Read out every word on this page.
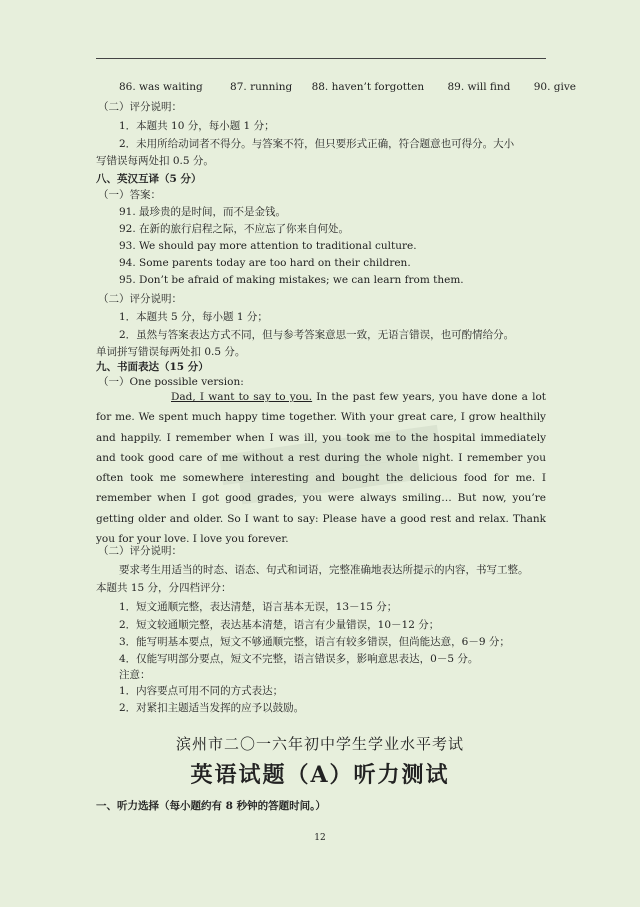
86. was waiting	87. running 88. haven’t forgotten 89. will find 90. give
（二）评分说明：
1．本题共 10 分，每小题 1 分；
2．未用所给动词者不得分。与答案不符，但只要形式正确，符合题意也可得分。大小
写错误每两处扣 0.5 分。
八、英汉互译（5 分）
（一）答案：
91. 最珍贵的是时间，而不是金钱。
92. 在新的旅行启程之际，不应忘了你来自何处。
93. We should pay more attention to traditional culture.
94. Some parents today are too hard on their children.
95. Don’t be afraid of making mistakes; we can learn from them.
（二）评分说明：
1．本题共 5 分，每小题 1 分；
2．虽然与答案表达方式不同，但与参考答案意思一致，无语言错误，也可酌情给分。
单词拼写错误每两处扣 0.5 分。
九、书面表达（15 分）
（一）One possible version:
Dad, I want to say to you. In the past few years, you have done a lot for me. We spent much happy time together. With your great care, I grow healthily and happily. I remember when I was ill, you took me to the hospital immediately and took good care of me without a rest during the whole night. I remember you often took me somewhere interesting and bought the delicious food for me. I remember when I got good grades, you were always smiling… But now, you’re getting older and older. So I want to say: Please have a good rest and relax. Thank you for your love. I love you forever.
（二）评分说明：
要求考生用适当的时态、语态、句式和词语，完整准确地表达所提示的内容，书写工整。
本题共 15 分，分四档评分：
1．短文通顺完整，表达清楚，语言基本无误，13－15 分；
2．短文较通顺完整，表达基本清楚，语言有少量错误，10－12 分；
3．能写明基本要点，短文不够通顺完整，语言有较多错误，但尚能达意，6－9 分；
4．仅能写明部分要点，短文不完整，语言错误多，影响意思表达，0－5 分。
注意：
1．内容要点可用不同的方式表达；
2．对紧扣主题适当发挥的应予以鼓励。
滨州市二〇一六年初中学生学业水平考试
英语试题（A）听力测试
一、听力选择（每小题约有 8 秒钟的答题时间。）
12
